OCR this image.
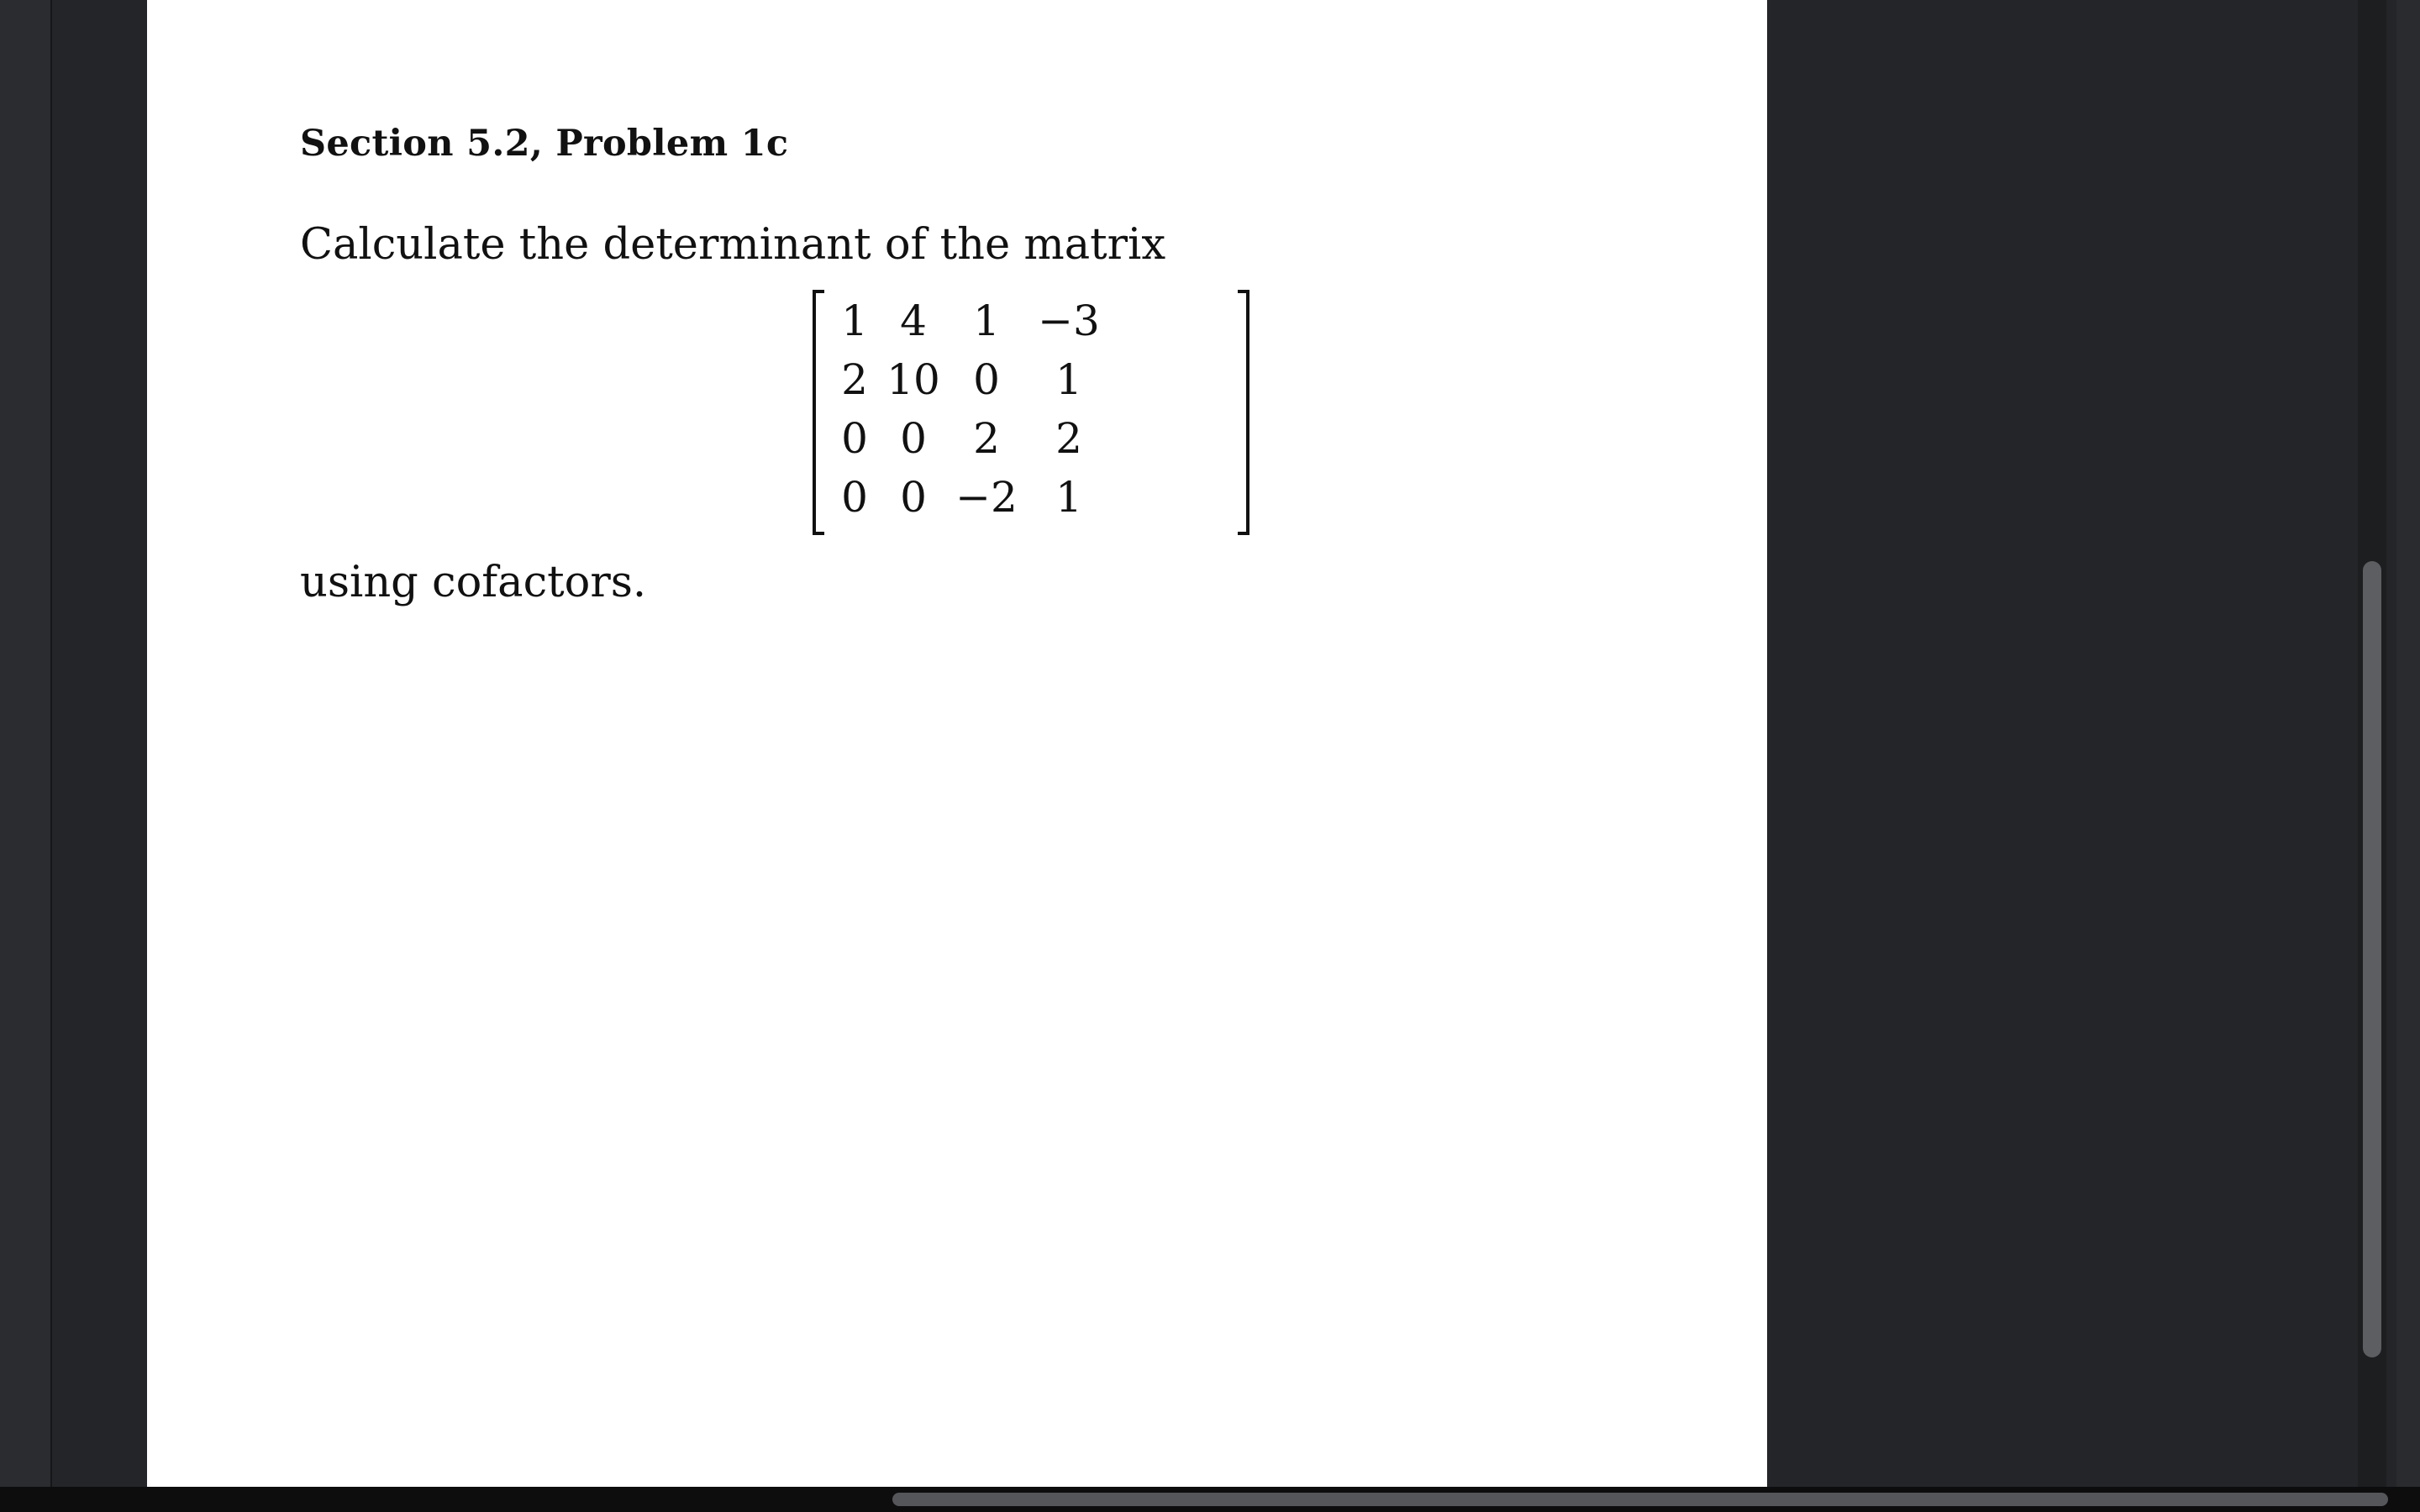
Section 5.2, Problem 1c
Calculate the determinant of the matrix
1 4	1 −3
2 10 0	1
0 0	2	2
0 0 −2 1
using cofactors.
